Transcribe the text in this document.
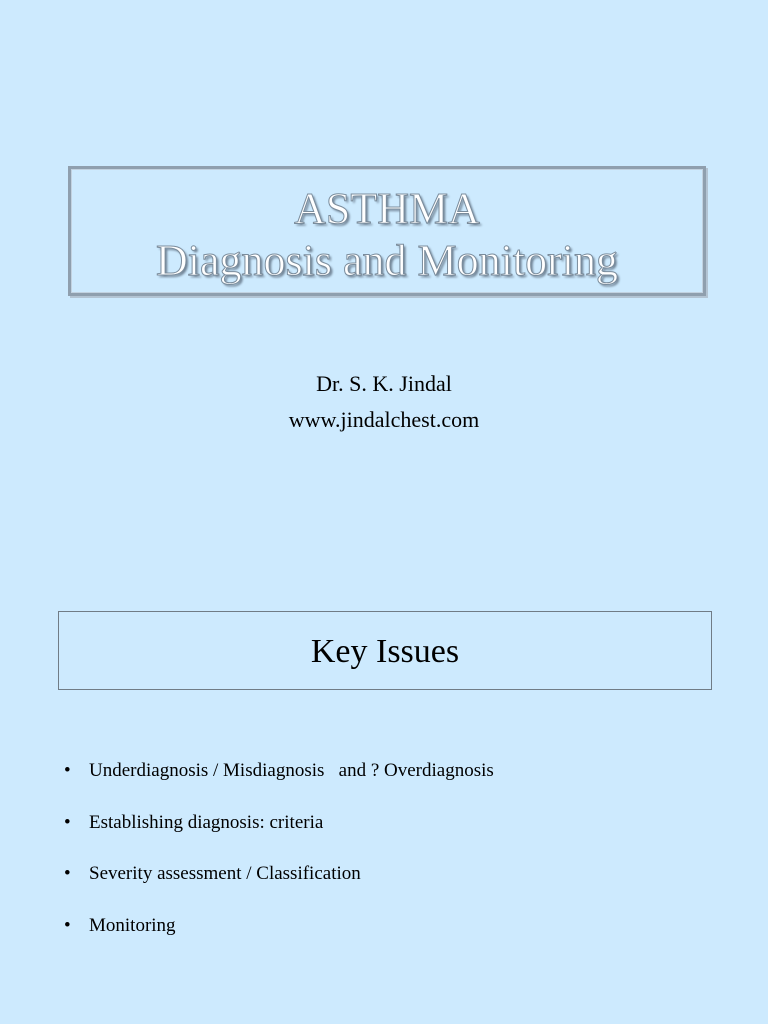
ASTHMA
Diagnosis and Monitoring
Dr. S. K. Jindal
www.jindalchest.com
Key Issues
• Underdiagnosis / Misdiagnosis   and ? Overdiagnosis
• Establishing diagnosis: criteria
• Severity assessment / Classification
• Monitoring
